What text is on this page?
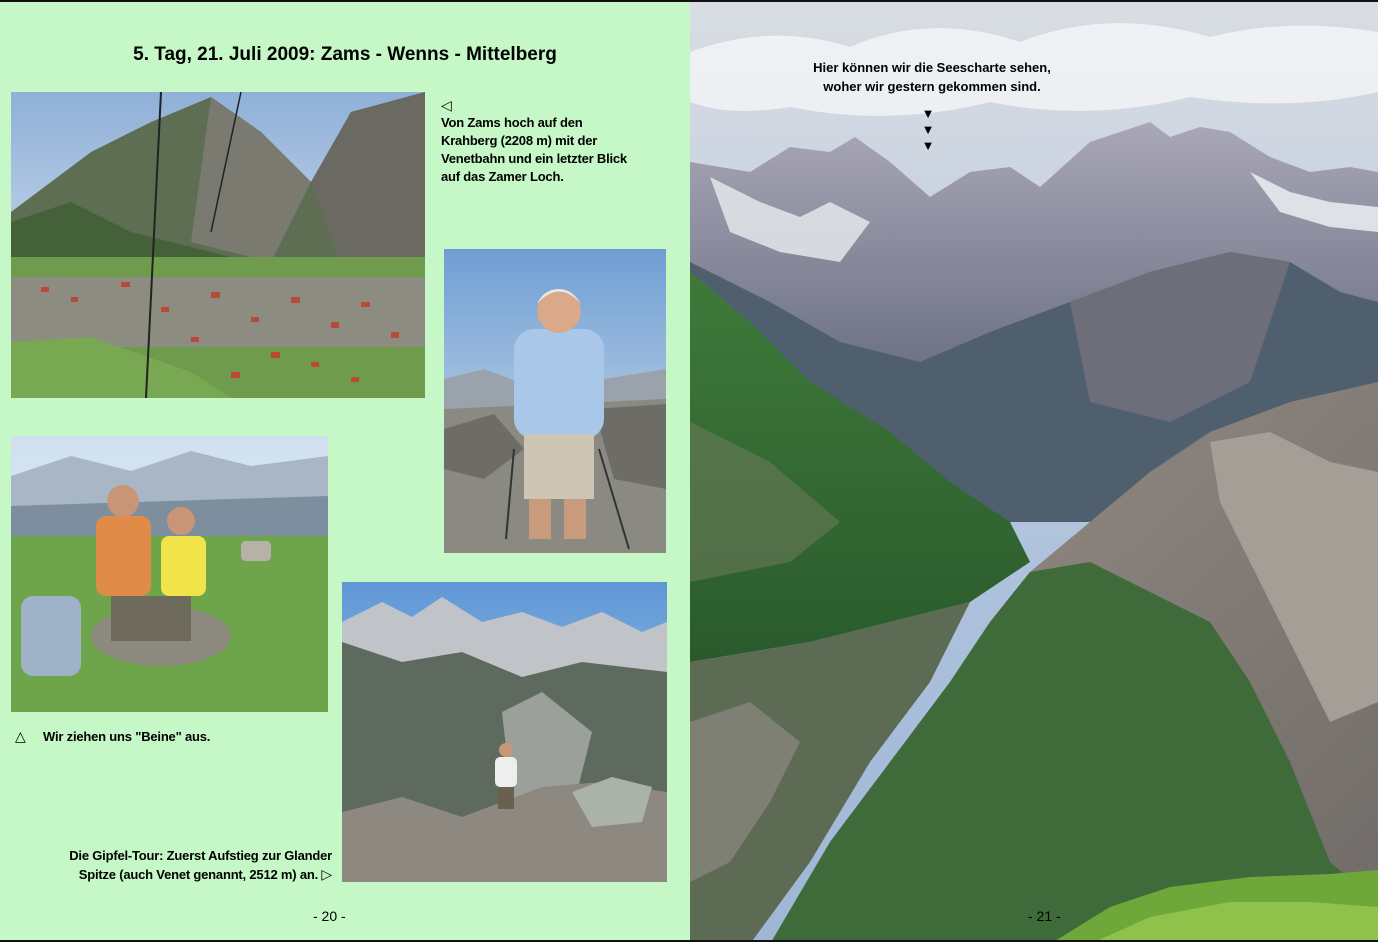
5. Tag, 21. Juli 2009: Zams - Wenns - Mittelberg
◁
Von Zams hoch auf den
Krahberg (2208 m) mit der
Venetbahn und ein letzter Blick
auf das Zamer Loch.
△ Wir ziehen uns "Beine" aus.
Die Gipfel-Tour: Zuerst Aufstieg zur Glander
Spitze (auch Venet genannt, 2512 m) an. ▷
- 20 -
Hier können wir die Seescharte sehen,
woher wir gestern gekommen sind.
▼
▼
▼
- 21 -
